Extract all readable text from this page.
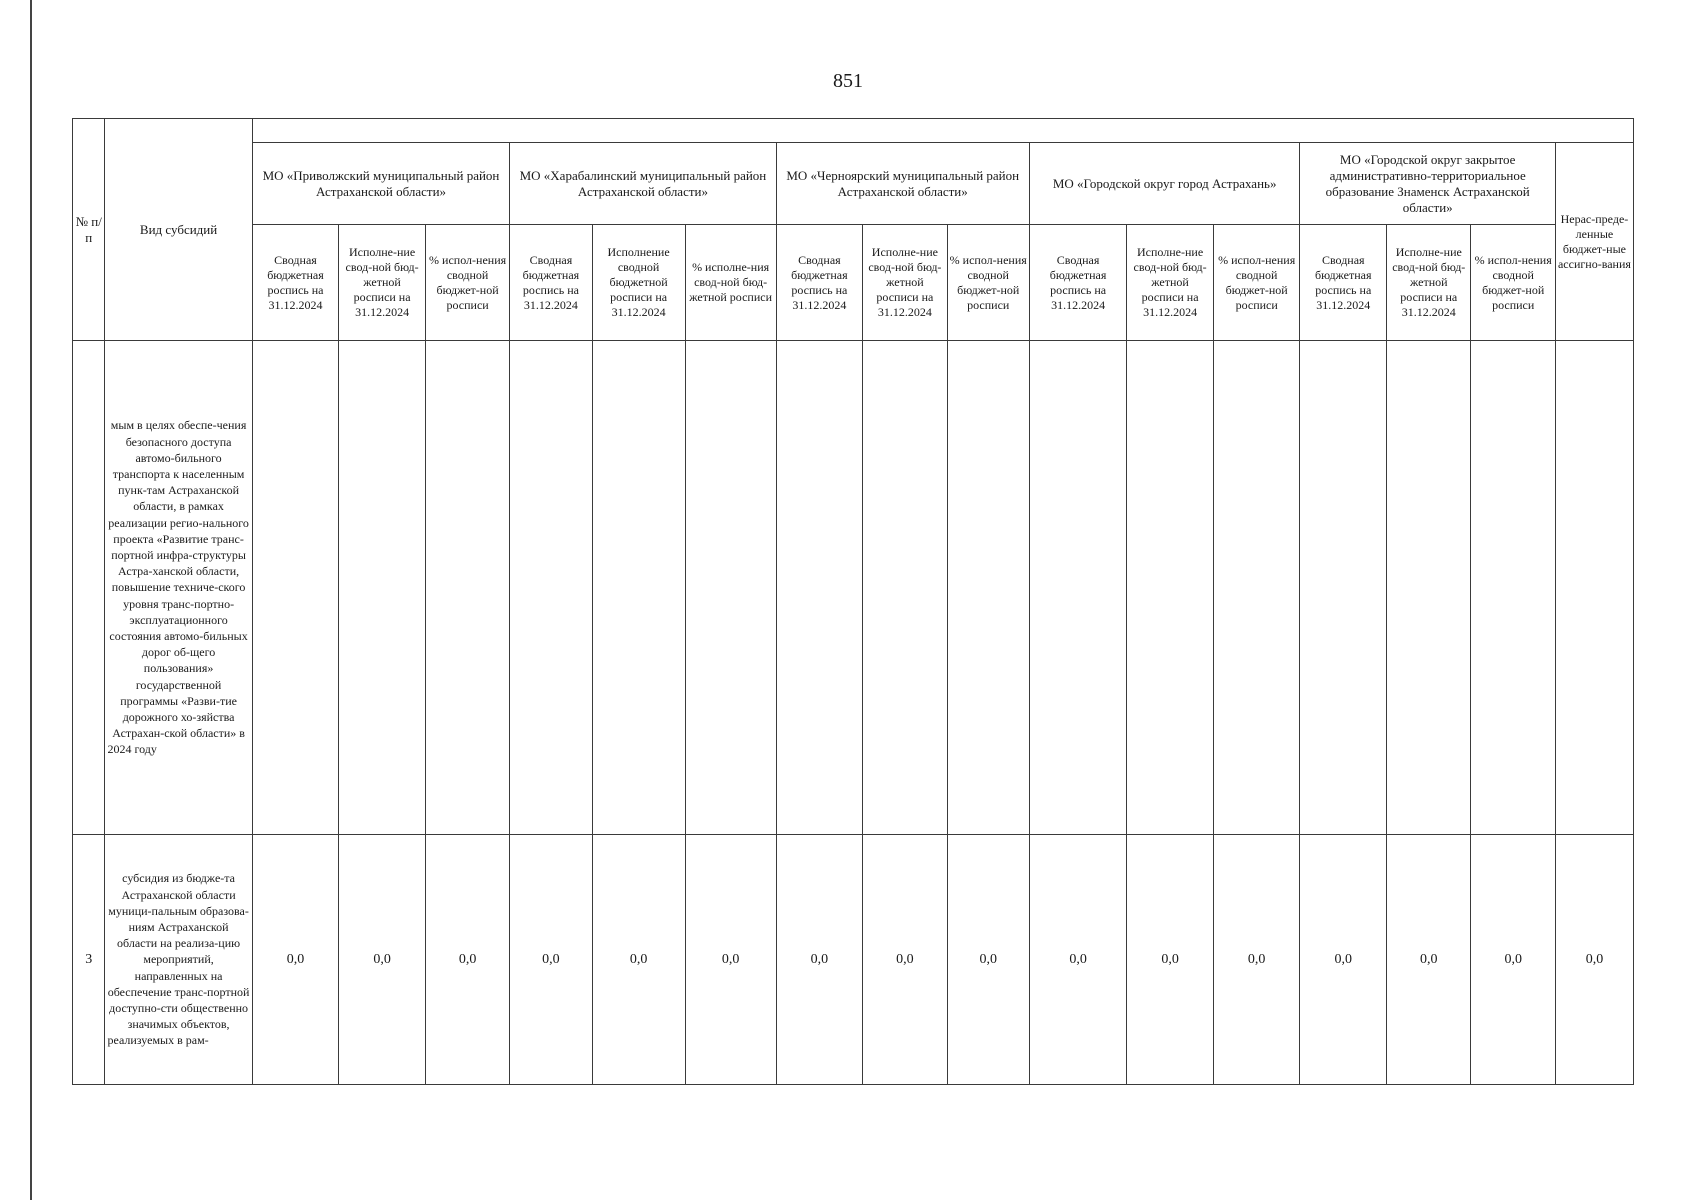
851
№ п/п	Вид субсидий																
		МО «Приволжский муниципальный район Астраханской области»			МО «Харабалинский муниципальный район Астраханской области»			МО «Черноярский муниципальный район Астраханской области»			МО «Городской округ город Астрахань»			МО «Городской округ закрытое административно-территориальное образование Знаменск Астраханской области»			Нерас-преде-ленные бюджет-ные ассигно-вания
		Сводная бюджетная роспись на 31.12.2024	Исполне-ние свод-ной бюд-жетной росписи на 31.12.2024	% испол-нения сводной бюджет-ной росписи	Сводная бюджетная роспись на 31.12.2024	Исполнение сводной бюджетной росписи на 31.12.2024	% исполне-ния свод-ной бюд-жетной росписи	Сводная бюджетная роспись на 31.12.2024	Исполне-ние свод-ной бюд-жетной росписи на 31.12.2024	% испол-нения сводной бюджет-ной росписи	Сводная бюджетная роспись на 31.12.2024	Исполне-ние свод-ной бюд-жетной росписи на 31.12.2024	% испол-нения сводной бюджет-ной росписи	Сводная бюджетная роспись на 31.12.2024	Исполне-ние свод-ной бюд-жетной росписи на 31.12.2024	% испол-нения сводной бюджет-ной росписи	
	мым в целях обеспе-чения безопасного доступа автомо-бильного транспорта к населенным пунк-там Астраханской области, в рамках реализации регио-нального проекта «Развитие транс-портной инфра-структуры Астра-ханской области, повышение техниче-ского уровня транс-портно-эксплуатационного состояния автомо-бильных дорог об-щего пользования» государственной программы «Разви-тие дорожного хо-зяйства Астрахан-ской области» в 2024 году																
3	субсидия из бюдже-та Астраханской области муници-пальным образова-ниям Астраханской области на реализа-цию мероприятий, направленных на обеспечение транс-портной доступно-сти общественно значимых объектов, реализуемых в рам-	0,0	0,0	0,0	0,0	0,0	0,0	0,0	0,0	0,0	0,0	0,0	0,0	0,0	0,0	0,0	0,0
